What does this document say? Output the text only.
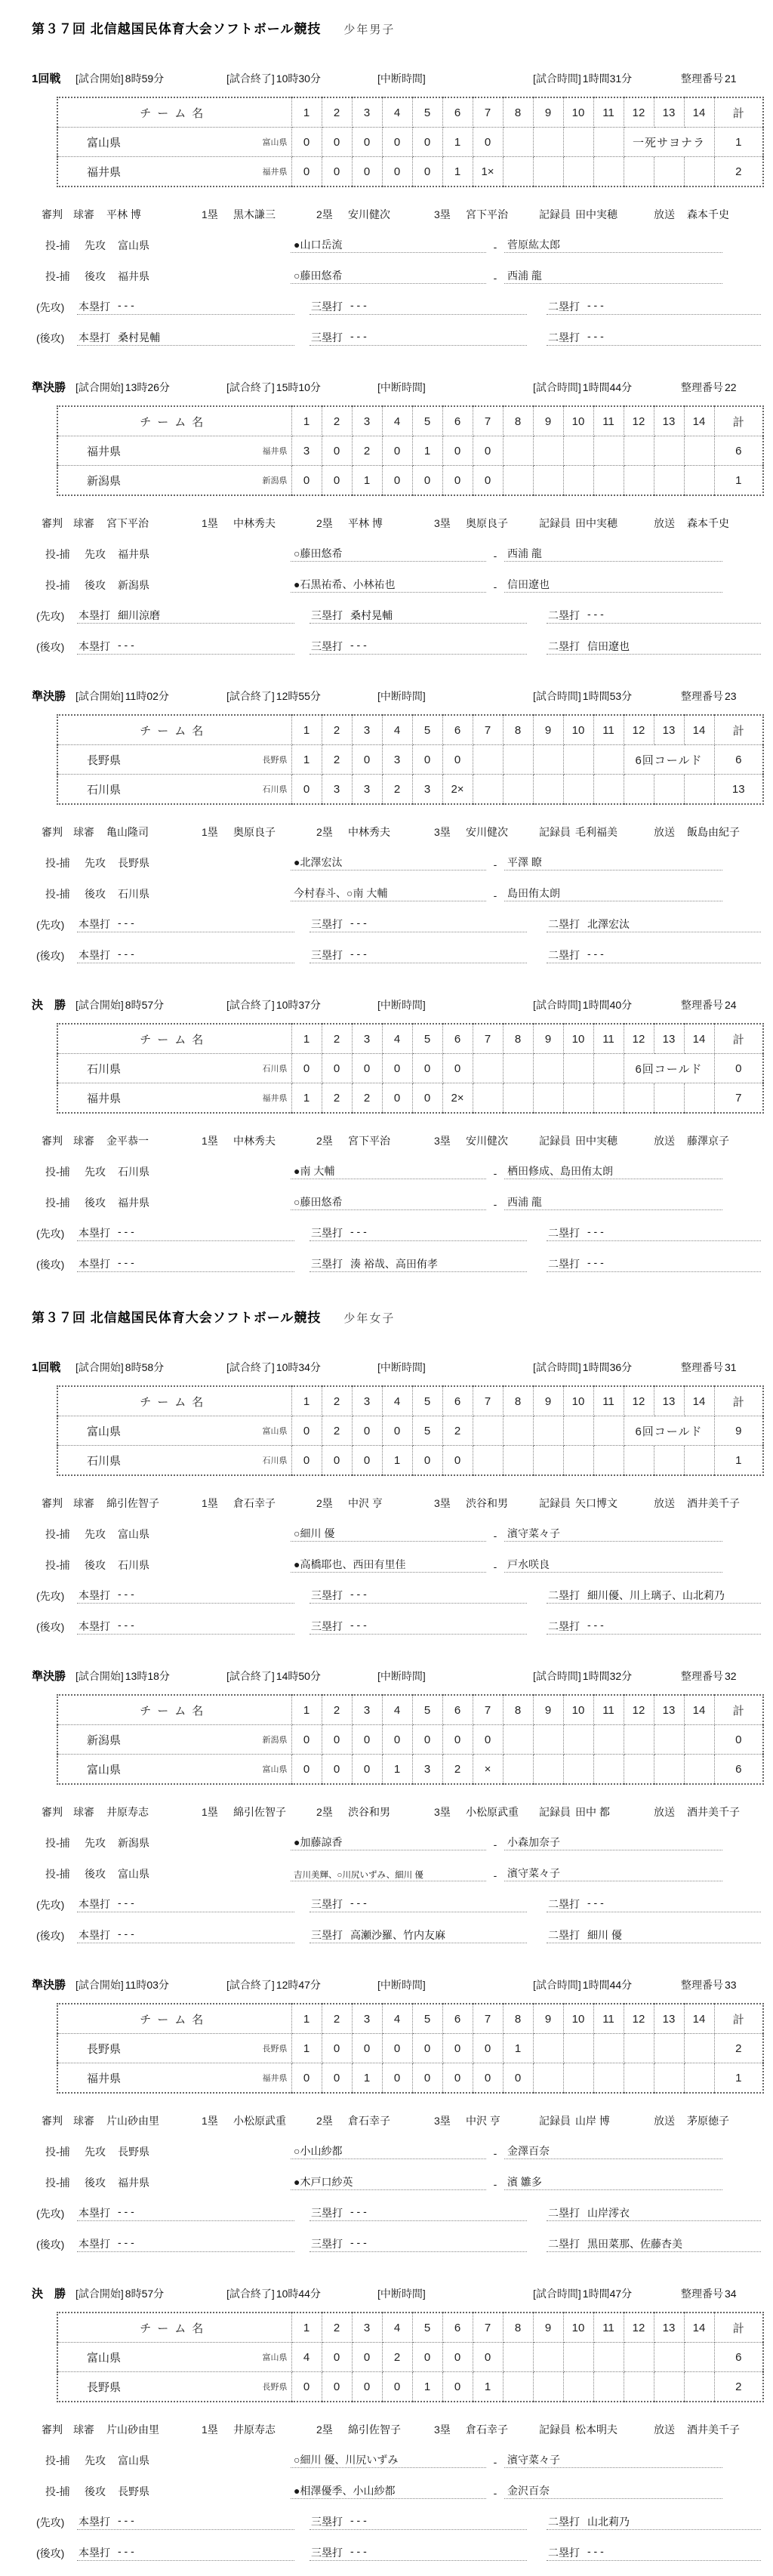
第３７回 北信越国民体育大会ソフトボール競技 少年男子
1回戦	[試合開始] 8時59分	[試合終了] 10時30分	[中断時間]	[試合時間] 1時間31分	整理番号 21
チーム名	1	2	3	4	5	6	7	8	9	10	11	12	13	14	計

富山県 富山県	0	0	0	0	0	1	0					一死サヨナラ			1

福井県 福井県	0	0	0	0	0	1	1×								2
審判	球審	平林 博	1塁	黒木謙三	2塁	安川健次	3塁	宮下平治	記録員 田中実穂	放送	森本千史
投-捕	先攻	富山県	●山口岳流	- 菅原紘太郎
投-捕	後攻	福井県	○藤田悠希	- 西浦 龍
(先攻)	本塁打 - - -	三塁打 - - -	二塁打 - - -
(後攻)	本塁打 桑村晃輔	三塁打 - - -	二塁打 - - -
準決勝 [試合開始] 13時26分	[試合終了] 15時10分	[中断時間]	[試合時間] 1時間44分	整理番号 22
チーム名	1	2	3	4	5	6	7	8	9	10	11	12	13	14	計

福井県 福井県	3	0	2	0	1	0	0								6

新潟県 新潟県	0	0	1	0	0	0	0								1
審判	球審	宮下平治	1塁	中林秀夫	2塁	平林 博	3塁	奥原良子	記録員 田中実穂	放送	森本千史
投-捕	先攻	福井県	○藤田悠希	- 西浦 龍
投-捕	後攻	新潟県	●石黒祐希、小林祐也	- 信田遼也
(先攻)	本塁打 細川涼磨	三塁打 桑村晃輔	二塁打 - - -
(後攻)	本塁打 - - -	三塁打 - - -	二塁打 信田遼也
準決勝 [試合開始] 11時02分	[試合終了] 12時55分	[中断時間]	[試合時間] 1時間53分	整理番号 23
チーム名	1	2	3	4	5	6	7	8	9	10	11	12	13	14	計

長野県 長野県	1	2	0	3	0	0						6回コールド			6

石川県 石川県	0	3	3	2	3	2×									13
審判	球審	亀山隆司	1塁	奥原良子	2塁	中林秀夫	3塁	安川健次	記録員 毛利福美	放送	飯島由紀子
投-捕	先攻	長野県	●北澤宏汰	- 平澤 瞭
投-捕	後攻	石川県	今村春斗、○南 大輔	- 島田侑太朗
(先攻)	本塁打 - - -	三塁打 - - -	二塁打 北澤宏汰
(後攻)	本塁打 - - -	三塁打 - - -	二塁打 - - -
決　勝 [試合開始] 8時57分	[試合終了] 10時37分	[中断時間]	[試合時間] 1時間40分	整理番号 24
チーム名	1	2	3	4	5	6	7	8	9	10	11	12	13	14	計

石川県 石川県	0	0	0	0	0	0						6回コールド			0

福井県 福井県	1	2	2	0	0	2×									7
審判	球審	金平恭一	1塁	中林秀夫	2塁	宮下平治	3塁	安川健次	記録員 田中実穂	放送	藤澤京子
投-捕	先攻	石川県	●南 大輔	- 栖田修成、島田侑太朗
投-捕	後攻	福井県	○藤田悠希	- 西浦 龍
(先攻)	本塁打 - - -	三塁打 - - -	二塁打 - - -
(後攻)	本塁打 - - -	三塁打 湊 裕哉、高田侑孝	二塁打 - - -
第３７回 北信越国民体育大会ソフトボール競技 少年女子
1回戦	[試合開始] 8時58分	[試合終了] 10時34分	[中断時間]	[試合時間] 1時間36分	整理番号 31
チーム名	1	2	3	4	5	6	7	8	9	10	11	12	13	14	計

富山県 富山県	0	2	0	0	5	2						6回コールド			9

石川県 石川県	0	0	0	1	0	0									1
審判	球審	綿引佐智子	1塁	倉石幸子	2塁	中沢 亨	3塁	渋谷和男	記録員 矢口博文	放送	酒井美千子
投-捕	先攻	富山県	○細川 優	- 濱守菜々子
投-捕	後攻	石川県	●高橋耶也、西田有里佳	- 戸水咲良
(先攻)	本塁打 - - -	三塁打 - - -	二塁打 細川優、川上璃子、山北莉乃
(後攻)	本塁打 - - -	三塁打 - - -	二塁打 - - -
準決勝 [試合開始] 13時18分	[試合終了] 14時50分	[中断時間]	[試合時間] 1時間32分	整理番号 32
チーム名	1	2	3	4	5	6	7	8	9	10	11	12	13	14	計

新潟県 新潟県	0	0	0	0	0	0	0								0

富山県 富山県	0	0	0	1	3	2	×								6
審判	球審	井原寿志	1塁	綿引佐智子	2塁	渋谷和男	3塁	小松原武重	記録員 田中 都	放送	酒井美千子
投-捕	先攻	新潟県	●加藤諒香	- 小森加奈子
投-捕	後攻	富山県	吉川美輝、○川尻いずみ、細川 優	- 濱守菜々子
(先攻)	本塁打 - - -	三塁打 - - -	二塁打 - - -
(後攻)	本塁打 - - -	三塁打 高瀬沙羅、竹内友麻	二塁打 細川 優
準決勝 [試合開始] 11時03分	[試合終了] 12時47分	[中断時間]	[試合時間] 1時間44分	整理番号 33
チーム名	1	2	3	4	5	6	7	8	9	10	11	12	13	14	計

長野県 長野県	1	0	0	0	0	0	0	1							2

福井県 福井県	0	0	1	0	0	0	0	0							1
審判	球審	片山砂由里	1塁	小松原武重	2塁	倉石幸子	3塁	中沢 亨	記録員 山岸 博	放送	茅原徳子
投-捕	先攻	長野県	○小山紗都	- 金澤百奈
投-捕	後攻	福井県	●木戸口紗英	- 濱 雛多
(先攻)	本塁打 - - -	三塁打 - - -	二塁打 山岸澪衣
(後攻)	本塁打 - - -	三塁打 - - -	二塁打 黒田菜那、佐藤杏美
決　勝 [試合開始] 8時57分	[試合終了] 10時44分	[中断時間]	[試合時間] 1時間47分	整理番号 34
チーム名	1	2	3	4	5	6	7	8	9	10	11	12	13	14	計

富山県 富山県	4	0	0	2	0	0	0								6

長野県 長野県	0	0	0	0	1	0	1								2
審判	球審	片山砂由里	1塁	井原寿志	2塁	綿引佐智子	3塁	倉石幸子	記録員 松本明夫	放送	酒井美千子
投-捕	先攻	富山県	○細川 優、川尻いずみ	- 濱守菜々子
投-捕	後攻	長野県	●相澤優季、小山紗都	- 金沢百奈
(先攻)	本塁打 - - -	三塁打 - - -	二塁打 山北莉乃
(後攻)	本塁打 - - -	三塁打 - - -	二塁打 - - -
